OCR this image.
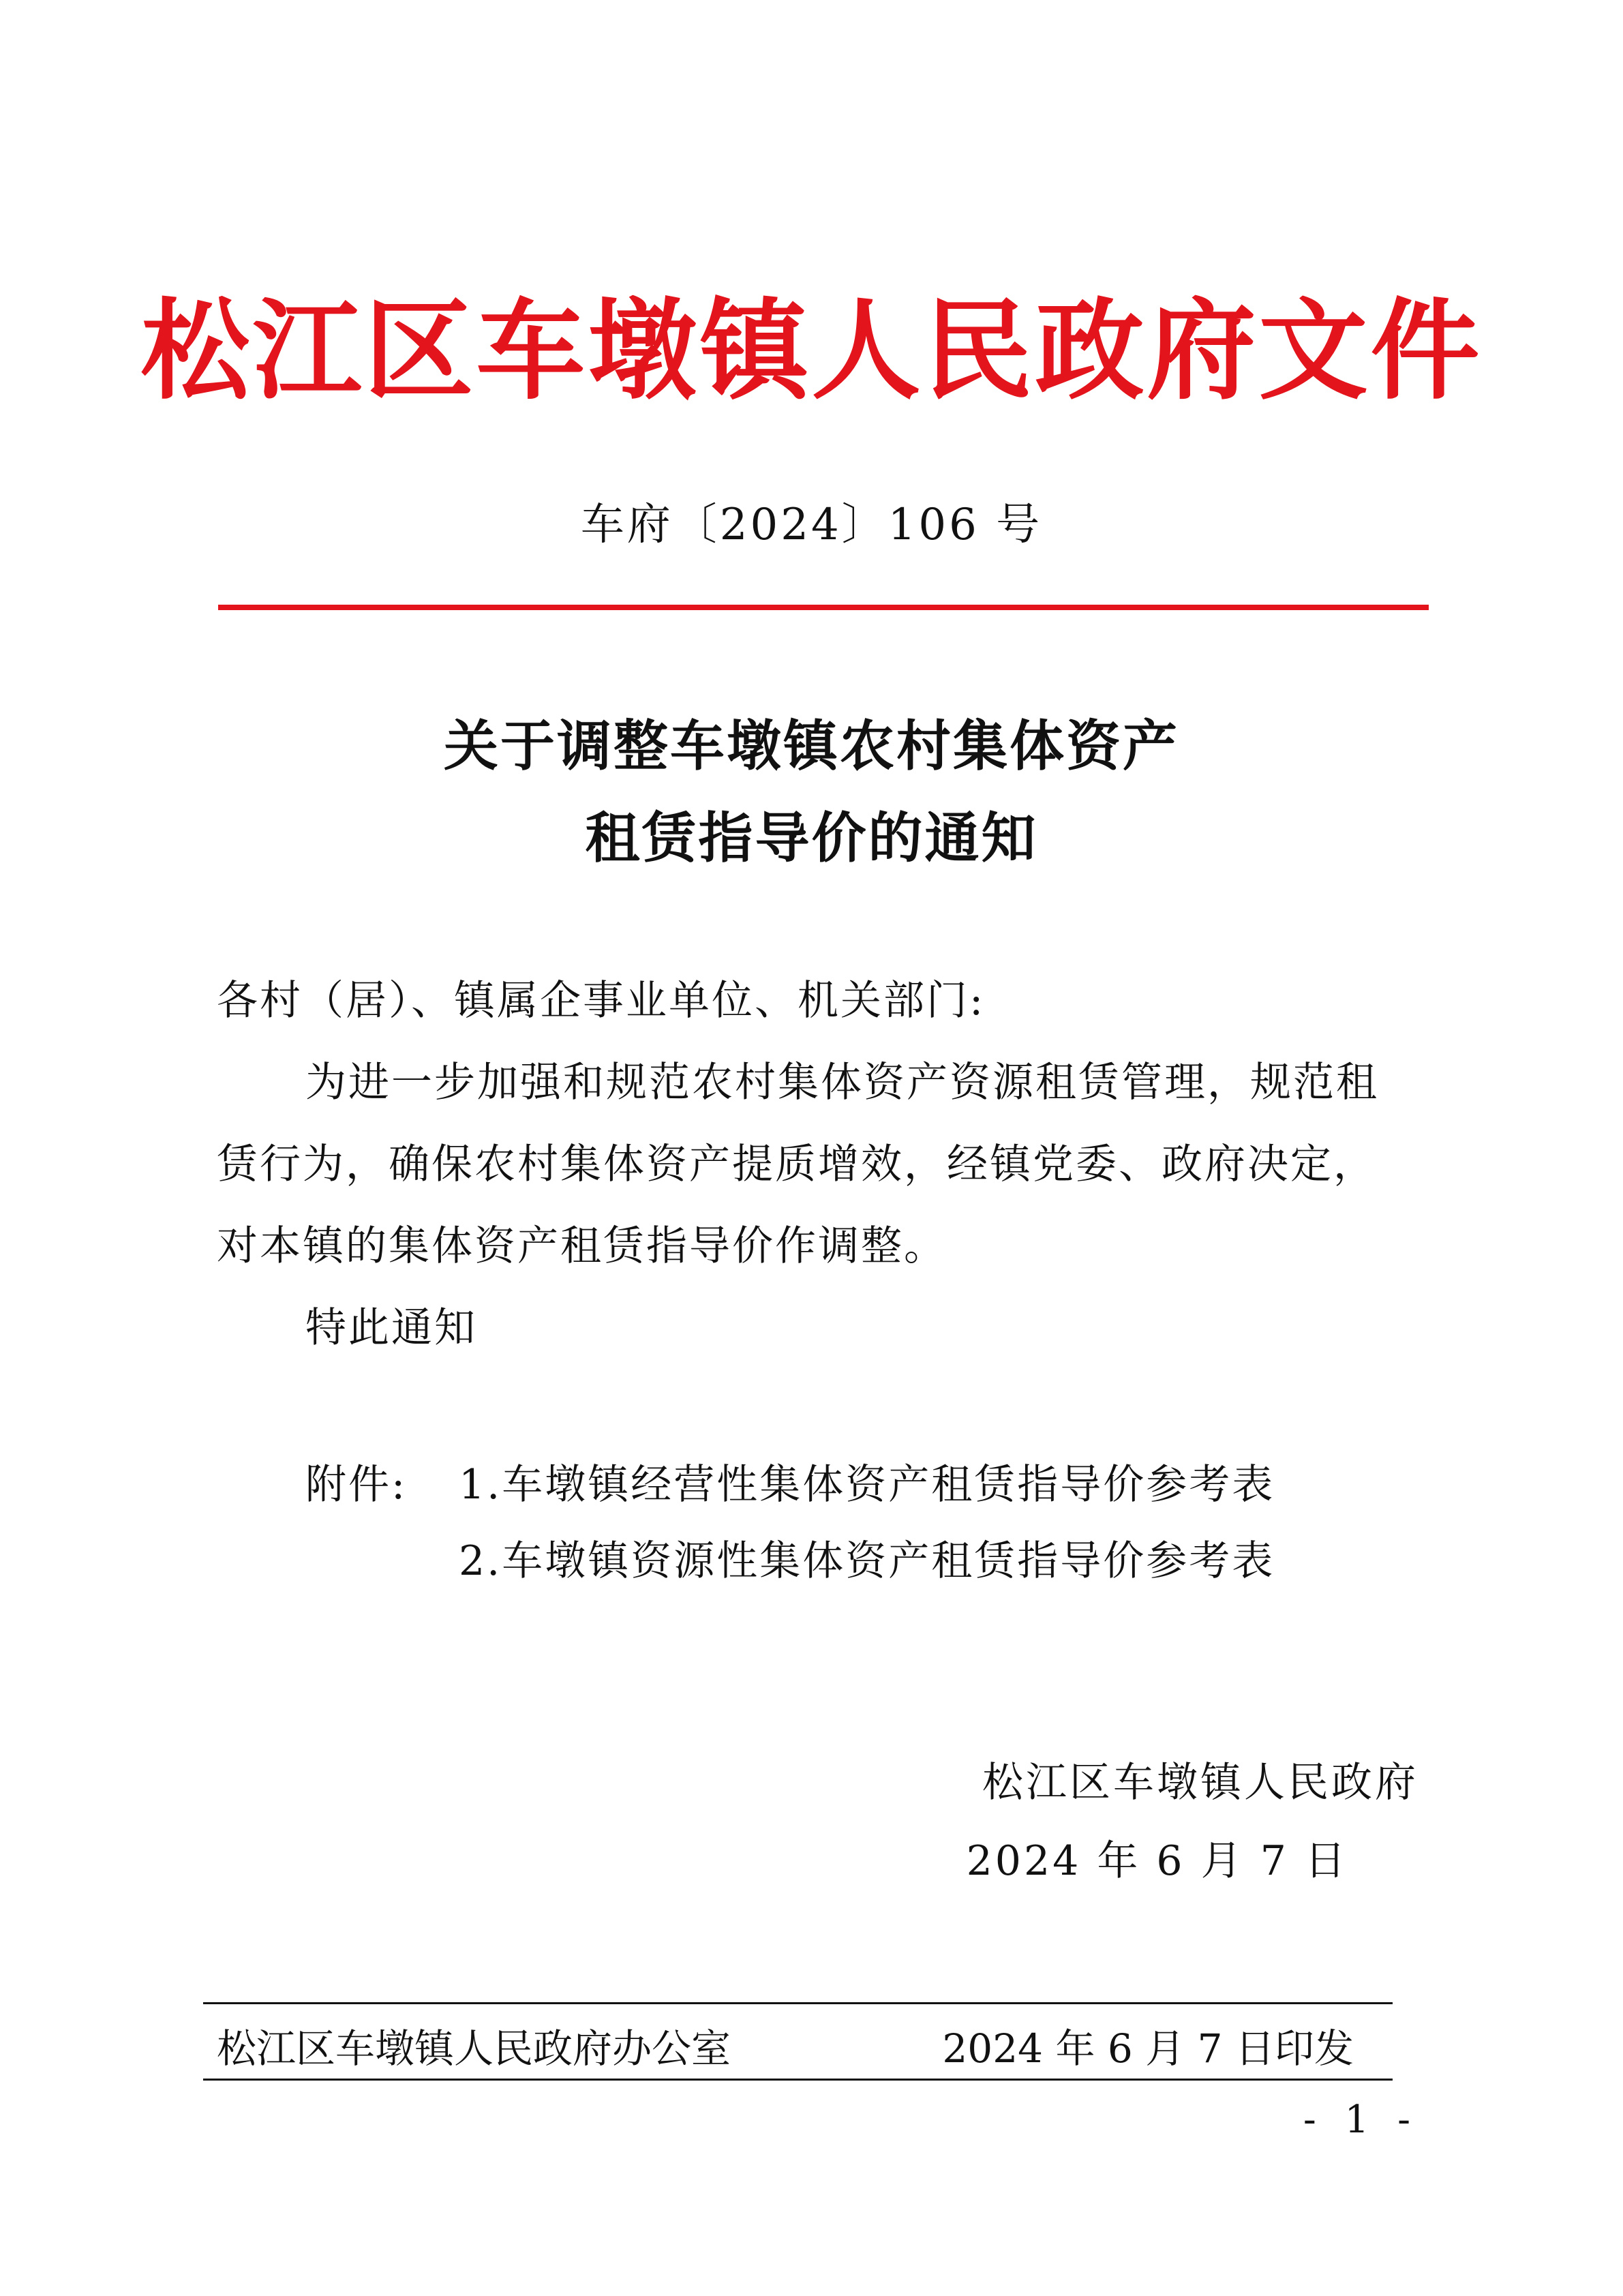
松江区车墩镇人民政府文件
车府〔2024〕106 号
关于调整车墩镇农村集体资产
租赁指导价的通知
各村（居）、镇属企事业单位、机关部门:
为进一步加强和规范农村集体资产资源租赁管理，规范租
赁行为，确保农村集体资产提质增效，经镇党委、政府决定，
对本镇的集体资产租赁指导价作调整。
特此通知
附件: 1.车墩镇经营性集体资产租赁指导价参考表
2.车墩镇资源性集体资产租赁指导价参考表
松江区车墩镇人民政府
2024 年 6 月 7 日
松江区车墩镇人民政府办公室	2024 年 6 月 7 日印发
- 1 -
